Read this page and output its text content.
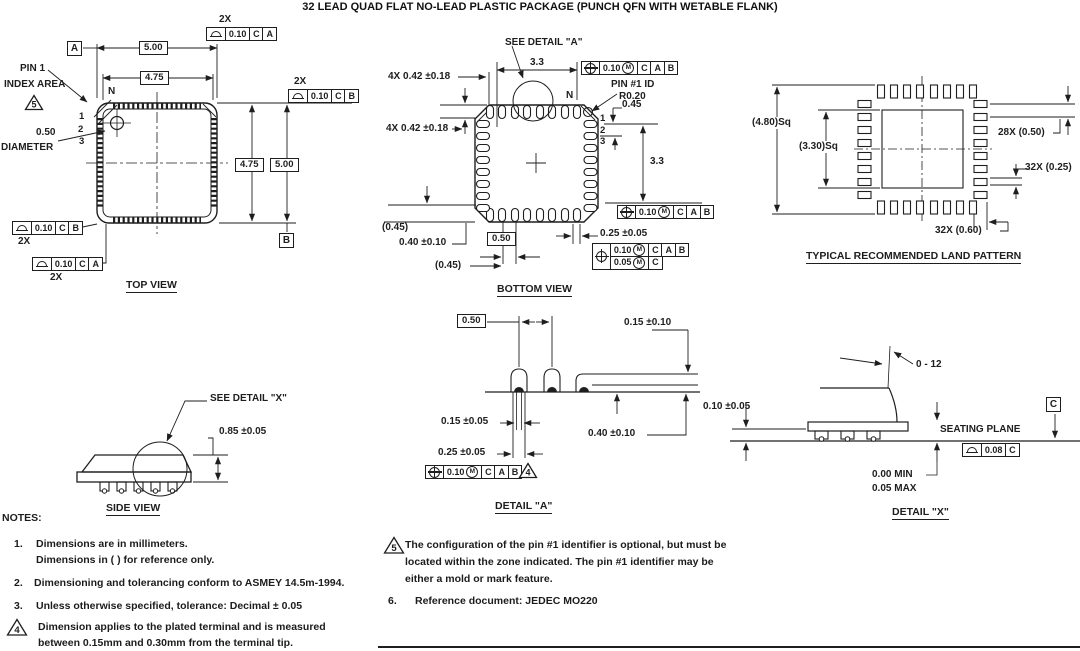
32 LEAD QUAD FLAT NO-LEAD PLASTIC PACKAGE (PUNCH QFN WITH WETABLE FLANK)
2X
0.10 C A
A	5.00
4.75	2X
0.10 C B
PIN 1
INDEX AREA
5
N
1
2
3
0.50
DIAMETER
4.75	5.00
0.10 C B
2X	B
0.10 C A
2X
TOP VIEW
SEE DETAIL "A"
3.3	0.10 M	C A B
4X 0.42 ±0.18
4X 0.42 ±0.18
PIN #1 ID
R0.20
0.45
N
1
2
3
3.3
0.10 M	C A B
(0.45)
0.40 ±0.10	0.50
(0.45)
0.25 ±0.05
0.10 M	C A B
0.05 M	C
BOTTOM VIEW
(4.80)Sq
(3.30)Sq
28X (0.50)
32X (0.25)
32X (0.60)
TYPICAL RECOMMENDED LAND PATTERN
SEE DETAIL "X"
0.85 ±0.05
SIDE VIEW
0.50	0.15 ±0.10
0.15 ±0.05
0.40 ±0.10
0.25 ±0.05
0.10 M	C A B 4
DETAIL "A"
0 - 12
0.10 ±0.05
SEATING PLANE
C
0.08 C
0.00 MIN
0.05 MAX
DETAIL "X"
NOTES:
1. Dimensions are in millimeters.
Dimensions in ( ) for reference only.
2. Dimensioning and tolerancing conform to ASMEY 14.5m-1994.
3. Unless otherwise specified, tolerance: Decimal ± 0.05
4 Dimension applies to the plated terminal and is measured
between 0.15mm and 0.30mm from the terminal tip.
5 The configuration of the pin #1 identifier is optional, but must be
located within the zone indicated. The pin #1 identifier may be
either a mold or mark feature.
6. Reference document: JEDEC MO220
